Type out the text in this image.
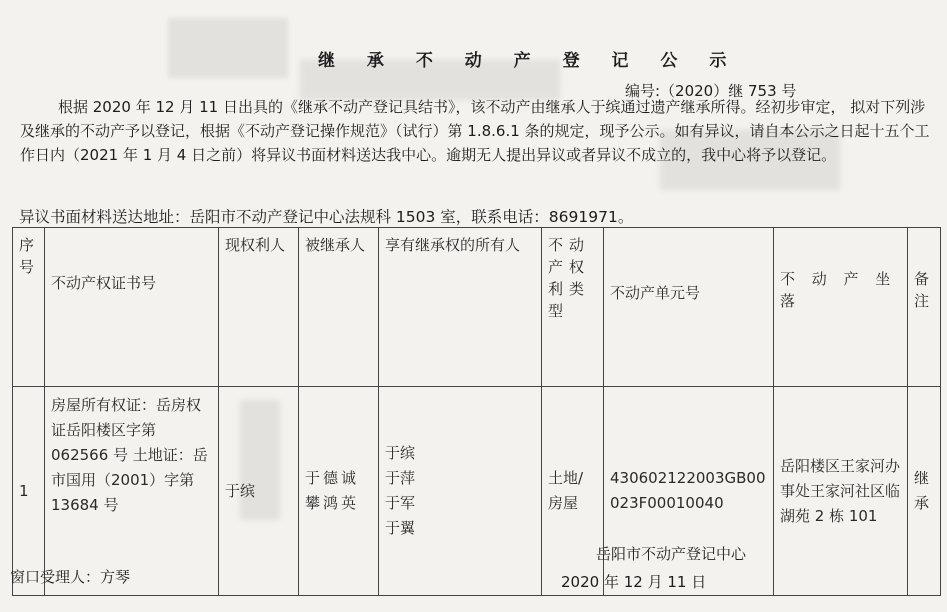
继 承 不 动 产 登 记 公 示
编号:（2020）继 753 号
根据 2020 年 12 月 11 日出具的《继承不动产登记具结书》，该不动产由继承人于缤通过遗产继承所得。经初步审定， 拟对下列涉及继承的不动产予以登记，根据《不动产登记操作规范》（试行）第 1.8.6.1 条的规定，现予公示。如有异议，请自本公示之日起十五个工作日内（2021 年 1 月 4 日之前）将异议书面材料送达我中心。逾期无人提出异议或者异议不成立的，我中心将予以登记。
异议书面材料送达地址：岳阳市不动产登记中心法规科 1503 室，联系电话：8691971。
序号	不动产权证书号	现权利人	被继承人	享有继承权的所有人	不动产权利类型	不动产单元号	不 动 产 坐落	备注
1	房屋所有权证：岳房权证岳阳楼区字第 062566 号 土地证：岳市国用（2001）字第 13684 号	于缤	于德诚 攀鸿英	于缤
于萍
于军
于翼	土地/房屋	430602122003GB00023F00010040	岳阳楼区王家河办事处王家河社区临湖苑 2 栋 101	继承
岳阳市不动产登记中心
2020 年 12 月 11 日
窗口受理人：方琴
